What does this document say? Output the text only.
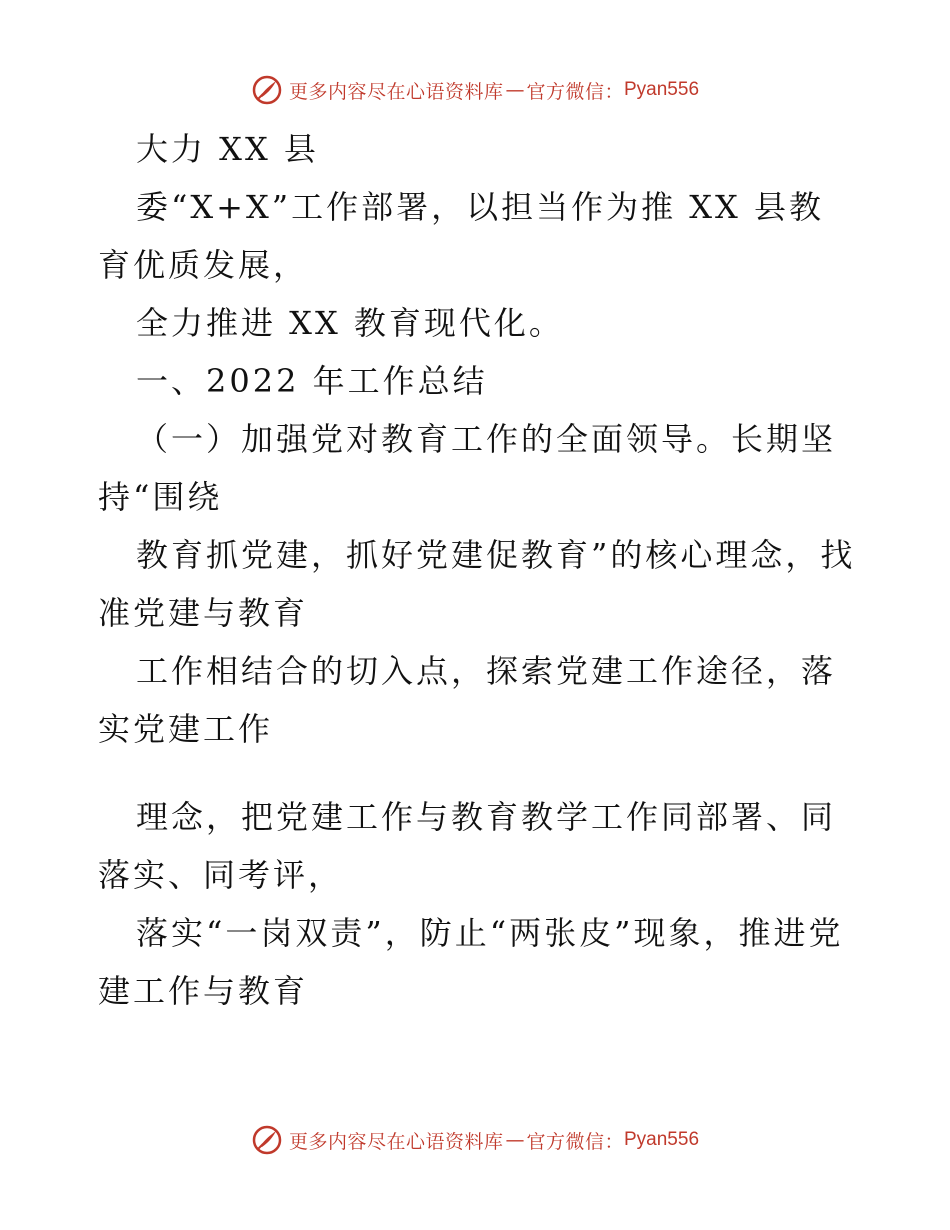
更多内容尽在心语资料库 — 官方微信： Pyan556

大力 XX 县

委“X+X”工作部署，以担当作为推 XX 县教育优质发展，

全力推进 XX 教育现代化。

一、2022 年工作总结

（一）加强党对教育工作的全面领导。长期坚持“围绕

教育抓党建，抓好党建促教育”的核心理念，找准党建与教育

工作相结合的切入点，探索党建工作途径，落实党建工作

理念，把党建工作与教育教学工作同部署、同落实、同考评，

落实“一岗双责”，防止“两张皮”现象，推进党建工作与教育

更多内容尽在心语资料库 — 官方微信： Pyan556
